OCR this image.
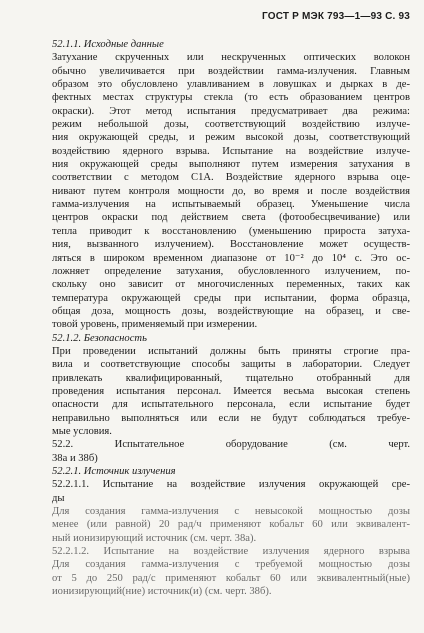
ГОСТ Р МЭК 793—1—93 С. 93
52.1.1. Исходные данные
Затухание скрученных или нескрученных оптических волокон
обычно увеличивается при воздействии гамма-излучения. Главным
образом это обусловлено улавливанием в ловушках и дырках в де-
фектных местах структуры стекла (то есть образованием центров
окраски). Этот метод испытания предусматривает два режима:
режим небольшой дозы, соответствующий воздействию излуче-
ния окружающей среды, и режим высокой дозы, соответствующий
воздействию ядерного взрыва. Испытание на воздействие излуче-
ния окружающей среды выполняют путем измерения затухания в
соответствии с методом С1А. Воздействие ядерного взрыва оце-
нивают путем контроля мощности до, во время и после воздействия
гамма-излучения на испытываемый образец. Уменьшение числа
центров окраски под действием света (фотообесцвечивание) или
тепла приводит к восстановлению (уменьшению прироста затуха-
ния, вызванного излучением). Восстановление может осуществ-
ляться в широком временном диапазоне от 10⁻² до 10⁴ с. Это ос-
ложняет определение затухания, обусловленного излучением, по-
скольку оно зависит от многочисленных переменных, таких как
температура окружающей среды при испытании, форма образца,
общая доза, мощность дозы, воздействующие на образец, и све-
товой уровень, применяемый при измерении.
52.1.2. Безопасность
При проведении испытаний должны быть приняты строгие пра-
вила и соответствующие способы защиты в лаборатории. Следует
привлекать квалифицированный, тщательно отобранный для
проведения испытания персонал. Имеется весьма высокая степень
опасности для испытательного персонала, если испытание будет
неправильно выполняться или если не будут соблюдаться требуе-
мые условия.
52.2. Испытательное оборудование (см. черт.
38а и 38б)
52.2.1. Источник излучения
52.2.1.1. Испытание на воздействие излучения окружающей сре-
ды
Для создания гамма-излучения с невысокой мощностью дозы
менее (или равной) 20 рад/ч применяют кобальт 60 или эквивалент-
ный ионизирующий источник (см. черт. 38а).
52.2.1.2. Испытание на воздействие излучения ядерного взрыва
Для создания гамма-излучения с требуемой мощностью дозы
от 5 до 250 рад/с применяют кобальт 60 или эквивалентный(ные)
ионизирующий(ние) источник(и) (см. черт. 38б).
